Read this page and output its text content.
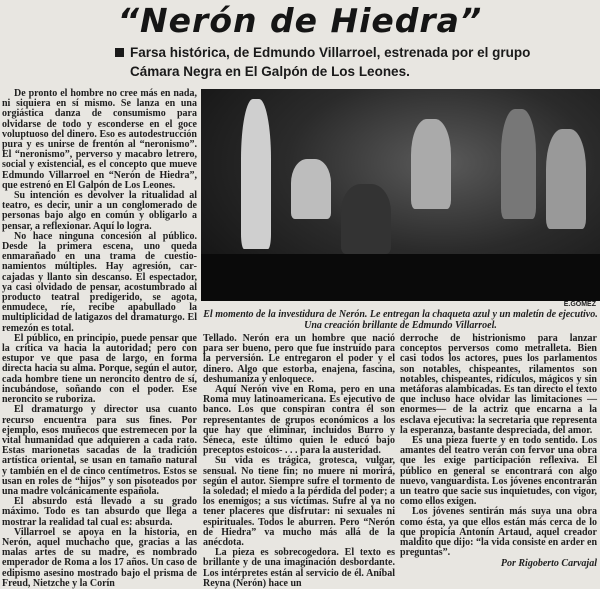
“Nerón de Hiedra”
Farsa histórica, de Edmundo Villarroel, estrenada por el grupo
Cámara Negra en El Galpón de Los Leones.

De pronto el hombre no cree más en nada, ni siquiera en sí mismo. Se lanza en una orgiástica danza de consumismo para olvidarse de todo y esconderse en el goce voluptuoso del dinero. Eso es autodestrucción pura y es unirse de frentón al “neronismo”. El “neronismo”, perverso y macabro letrero, social y existencial, es el concepto que mueve Edmundo Villarroel en “Nerón de Hiedra”, que estrenó en El Galpón de Los Leones.

Su intención es devolver la ritualidad al teatro, es decir, unir a un conglomerado de personas bajo algo en común y obligarlo a pensar, a reflexionar. Aquí lo logra.

No hace ninguna concesión al público. Desde la primera escena, uno queda enmarañado en una trama de cuestionamientos múltiples. Hay agresión, carcajadas y llanto sin descanso. El espectador, ya casi olvidado de pensar, acostumbrado al producto teatral predigerido, se agota, enmudece, ríe, recibe apabullado la multiplicidad de latigazos del dramaturgo. El remezón es total.

El público, en principio, puede pensar que la crítica va hacia la autoridad; pero con estupor ve que pasa de largo, en forma directa hacia su alma. Porque, según el autor, cada hombre tiene un neroncito dentro de sí, incubándose, soñando con el poder. Ese neroncito se ruboriza.

El dramaturgo y director usa cuanto recurso encuentra para sus fines. Por ejemplo, esos muñecos que estremecen por la vital humanidad que adquieren a cada rato. Estas marionetas sacadas de la tradición artística oriental, se usan en tamaño natural y también en el de cinco centímetros. Estos se usan en roles de “hijos” y son pisoteados por una madre volcánicamente española.

El absurdo está llevado a su grado máximo. Todo es tan absurdo que llega a mostrar la realidad tal cual es: absurda.

Villarroel se apoya en la historia, en Nerón, aquel muchacho que, gracias a las malas artes de su madre, es nombrado emperador de Roma a los 17 años. Un caso de edipismo asesino mostrado bajo el prisma de Freud, Nietzche y la Corín

E.GOMEZ
El momento de la investidura de Nerón. Le entregan la chaqueta azul y un maletín de ejecutivo. Una creación brillante de Edmundo Villarroel.

Tellado. Nerón era un hombre que nació para ser bueno, pero que fue instruído para la perversión. Le entregaron el poder y el dinero. Algo que estorba, enajena, fascina, deshumaniza y enloquece.

Aquí Nerón vive en Roma, pero en una Roma muy latinoamericana. Es ejecutivo de banco. Los que conspiran contra él son representantes de grupos económicos a los que hay que eliminar, incluidos Burro y Séneca, este último quien le educó bajo preceptos estoicos- . . . para la austeridad.

Su vida es trágica, grotesca, vulgar, sensual. No tiene fin; no muere ni morirá, según el autor. Siempre sufre el tormento de la soledad; el miedo a la pérdida del poder; a los enemigos; a sus víctimas. Sufre al ya no tener placeres que disfrutar: ni sexuales ni espirituales. Todos le aburren. Pero “Nerón de Hiedra” va mucho más allá de la anécdota.

La pieza es sobrecogedora. El texto es brillante y de una imaginación desbordante. Los intérpretes están al servicio de él. Aníbal Reyna (Nerón) hace un

derroche de histrionismo para lanzar conceptos perversos como metralleta. Bien casi todos los actores, pues los parlamentos son notables, chispeantes, rilamentos son notables, chispeantes, ridículos, mágicos y sin metáforas alambicadas. Es tan directo el texto que incluso hace olvidar las limitaciones —enormes— de la actriz que encarna a la esclava ejecutiva: la secretaria que representa la esperanza, bastante despreciada, del amor.

Es una pieza fuerte y en todo sentido. Los amantes del teatro verán con fervor una obra que les exige participación reflexiva. El público en general se encontrará con algo nuevo, vanguardista. Los jóvenes encontrarán un teatro que sacie sus inquietudes, con vigor, como ellos exigen.

Los jóvenes sentirán más suya una obra como ésta, ya que ellos están más cerca de lo que propicia Antonín Artaud, aquel creador maldito que dijo: “la vida consiste en arder en preguntas”.

Por Rigoberto Carvajal
